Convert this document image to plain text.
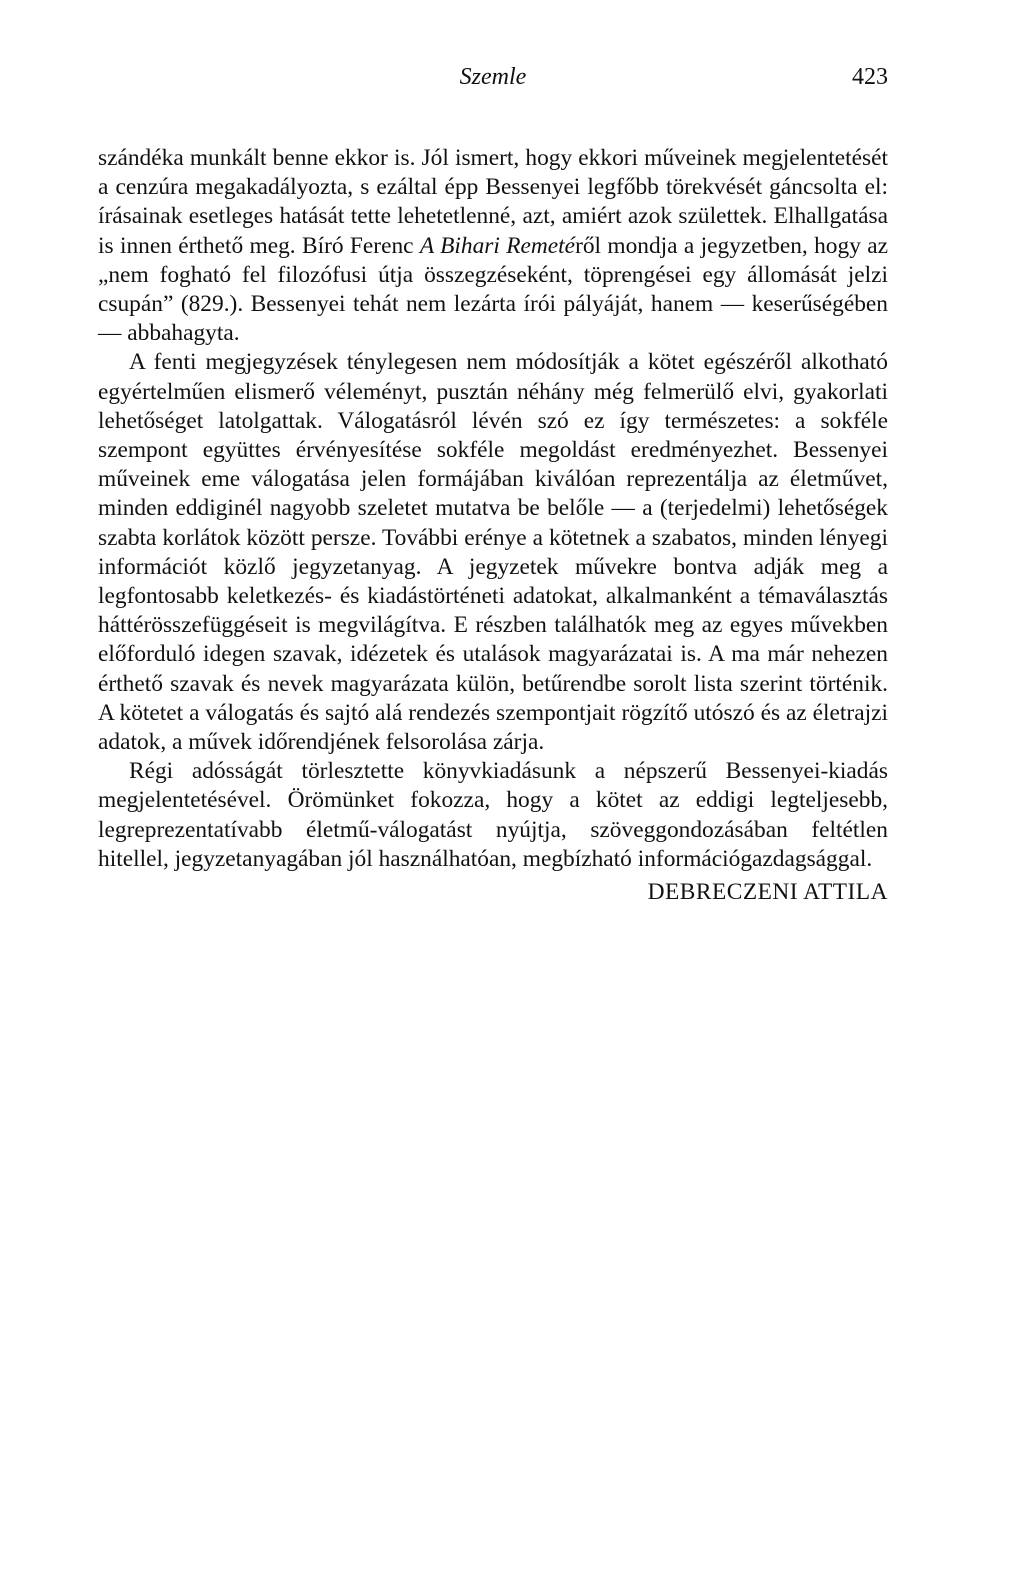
Szemle	423

szándéka munkált benne ekkor is. Jól ismert, hogy ekkori műveinek megjelentetését a cenzúra megakadályozta, s ezáltal épp Bessenyei legfőbb törekvését gáncsolta el: írásainak esetleges hatását tette lehetetlenné, azt, amiért azok születtek. Elhallgatása is innen érthető meg. Bíró Ferenc A Bihari Remetéről mondja a jegyzetben, hogy az „nem fogható fel filozófusi útja összegzéseként, töprengései egy állomását jelzi csupán” (829.). Bessenyei tehát nem lezárta írói pályáját, hanem — keserűségében — abbahagyta.

A fenti megjegyzések ténylegesen nem módosítják a kötet egészéről alkotható egyértelműen elismerő véleményt, pusztán néhány még felmerülő elvi, gyakorlati lehetőséget latolgattak. Válogatásról lévén szó ez így természetes: a sokféle szempont együttes érvényesítése sokféle megoldást eredményezhet. Bessenyei műveinek eme válogatása jelen formájában kiválóan reprezentálja az életművet, minden eddiginél nagyobb szeletet mutatva be belőle — a (terjedelmi) lehetőségek szabta korlátok között persze. További erénye a kötetnek a szabatos, minden lényegi információt közlő jegyzetanyag. A jegyzetek művekre bontva adják meg a legfontosabb keletkezés- és kiadástörténeti adatokat, alkalmanként a témaválasztás háttérösszefüggéseit is megvilágítva. E részben találhatók meg az egyes művekben előforduló idegen szavak, idézetek és utalások magyarázatai is. A ma már nehezen érthető szavak és nevek magyarázata külön, betűrendbe sorolt lista szerint történik. A kötetet a válogatás és sajtó alá rendezés szempontjait rögzítő utószó és az életrajzi adatok, a művek időrendjének felsorolása zárja.

Régi adósságát törlesztette könyvkiadásunk a népszerű Bessenyei-kiadás megjelentetésével. Örömünket fokozza, hogy a kötet az eddigi legteljesebb, legreprezentatívabb életmű-válogatást nyújtja, szöveggondozásában feltétlen hitellel, jegyzetanyagában jól használhatóan, megbízható információgazdagsággal.

DEBRECZENI ATTILA
